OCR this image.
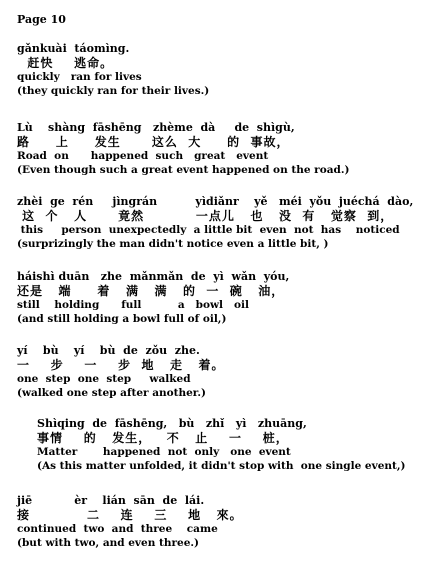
Page 10
gǎnkuài  táomìng.
赶快    逃命。
quickly   ran for lives
(they quickly ran for their lives.)
Lù    shàng  fāshēng   zhème  dà     de  shìgù,
路     上     发生      这么  大     的  事故，
Road  on      happened  such   great   event
(Even though such a great event happened on the road.)
zhèi  ge  rén     jìngrán          yìdiǎnr    yě   méi  yǒu  juéchá  dào,
这  个   人      竟然          一点儿   也   没  有   觉察  到，
this     person  unexpectedly  a little bit  even  not  has    noticed
(surprizingly the man didn't notice even a little bit, )
háishì duān   zhe  mǎnmǎn  de  yì  wǎn  yóu,
还是   端     着   满   满   的  一  碗   油，
still    holding      full          a   bowl   oil
(and still holding a bowl full of oil,)
yí    bù    yí    bù  de  zǒu  zhe.
一    步    一    步  地   走   着。
one  step  one  step     walked
(walked one step after another.)
Shìqing  de  fāshēng,   bù   zhǐ   yì   zhuāng,
事情    的   发生，   不   止    一    桩，
Matter       happened  not  only   one  event
(As this matter unfolded, it didn't stop with  one single event,)
jiē           èr    lián  sān  de  lái.
接           二    连    三    地   來。
continued  two  and  three    came
(but with two, and even three.)
